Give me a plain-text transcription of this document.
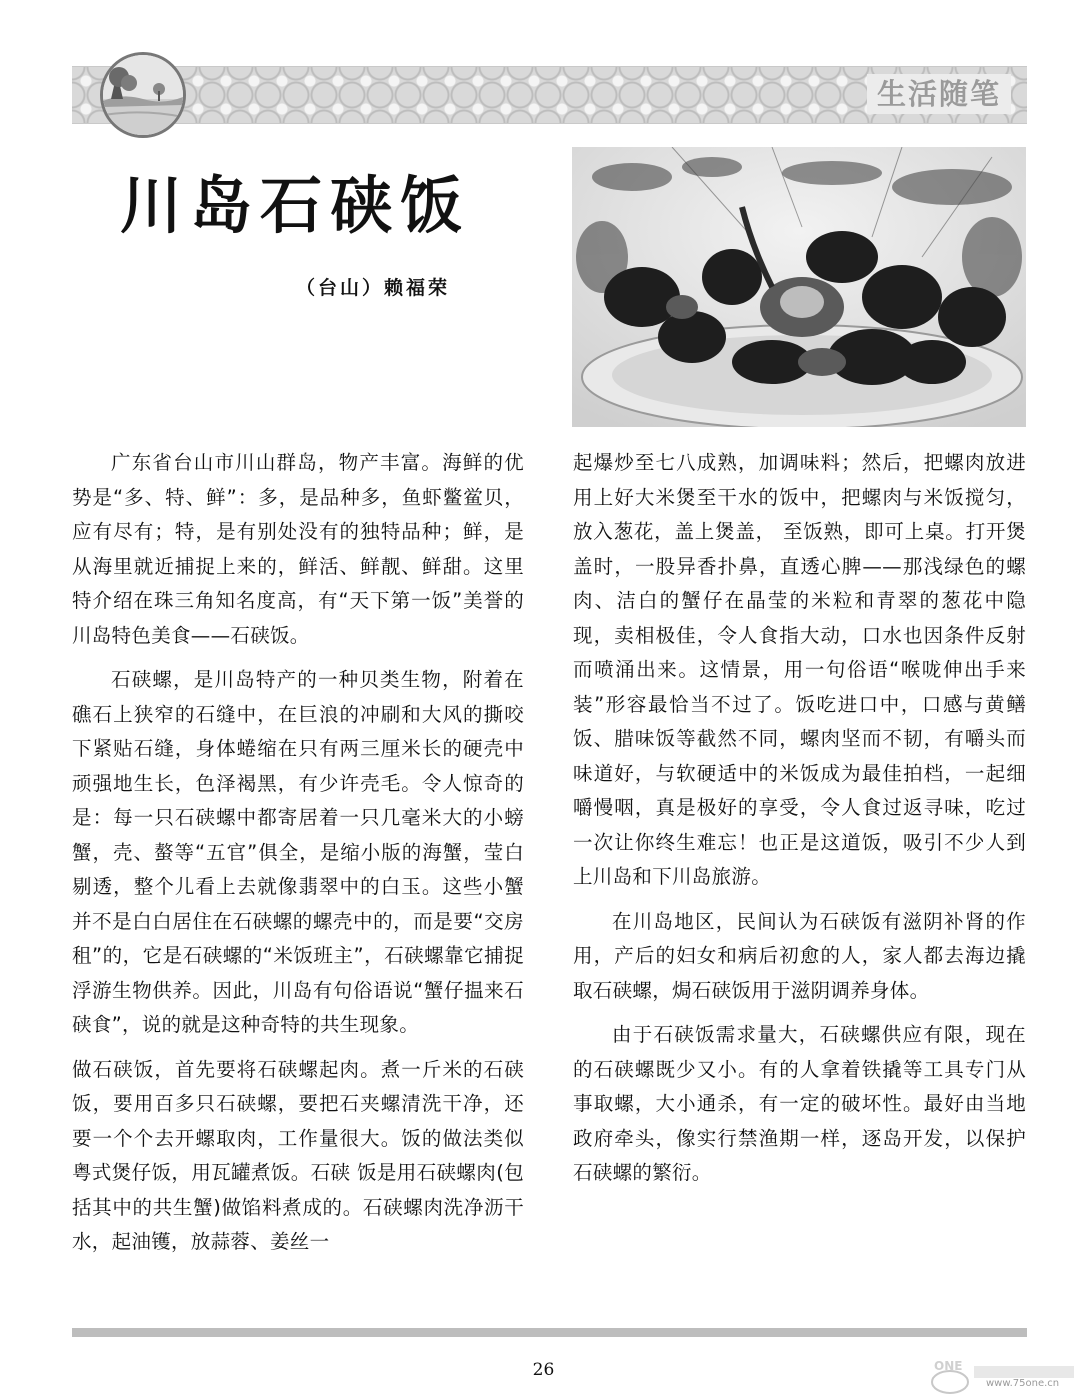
生活随笔
川岛石硖饭
（台山）赖福荣

广东省台山市川山群岛，物产丰富。海鲜的优势是“多、特、鲜”：多，是品种多，鱼虾鳖鲎贝，应有尽有；特，是有别处没有的独特品种；鲜，是从海里就近捕捉上来的，鲜活、鲜靓、鲜甜。这里特介绍在珠三角知名度高，有“天下第一饭”美誉的川岛特色美食——石硖饭。

石硖螺，是川岛特产的一种贝类生物，附着在礁石上狭窄的石缝中，在巨浪的冲刷和大风的撕咬下紧贴石缝，身体蜷缩在只有两三厘米长的硬壳中顽强地生长，色泽褐黑，有少许壳毛。令人惊奇的是：每一只石硖螺中都寄居着一只几毫米大的小螃蟹，壳、螯等“五官”俱全，是缩小版的海蟹，莹白剔透，整个儿看上去就像翡翠中的白玉。这些小蟹并不是白白居住在石硖螺的螺壳中的，而是要“交房租”的，它是石硖螺的“米饭班主”，石硖螺靠它捕捉浮游生物供养。因此，川岛有句俗语说“蟹仔揾来石硖食”，说的就是这种奇特的共生现象。

做石硖饭，首先要将石硖螺起肉。煮一斤米的石硖饭，要用百多只石硖螺，要把石夹螺清洗干净，还要一个个去开螺取肉，工作量很大。饭的做法类似粤式煲仔饭，用瓦罐煮饭。石硖 饭是用石硖螺肉(包括其中的共生蟹)做馅料煮成的。石硖螺肉洗净沥干水，起油镬，放蒜蓉、姜丝一

起爆炒至七八成熟，加调味料；然后，把螺肉放进用上好大米煲至干水的饭中，把螺肉与米饭搅匀，放入葱花，盖上煲盖， 至饭熟，即可上桌。打开煲盖时，一股异香扑鼻，直透心脾——那浅绿色的螺肉、洁白的蟹仔在晶莹的米粒和青翠的葱花中隐现，卖相极佳，令人食指大动，口水也因条件反射而喷涌出来。这情景，用一句俗语“喉咙伸出手来装”形容最恰当不过了。饭吃进口中，口感与黄鳝饭、腊味饭等截然不同，螺肉坚而不韧，有嚼头而味道好，与软硬适中的米饭成为最佳拍档，一起细嚼慢咽，真是极好的享受，令人食过返寻味，吃过一次让你终生难忘！也正是这道饭，吸引不少人到上川岛和下川岛旅游。

在川岛地区，民间认为石硖饭有滋阴补肾的作用，产后的妇女和病后初愈的人，家人都去海边撬取石硖螺，焗石硖饭用于滋阴调养身体。

由于石硖饭需求量大，石硖螺供应有限，现在的石硖螺既少又小。有的人拿着铁撬等工具专门从事取螺，大小通杀，有一定的破坏性。最好由当地政府牵头，像实行禁渔期一样，逐岛开发，以保护石硖螺的繁衍。

26	ONE
www.75one.cn
